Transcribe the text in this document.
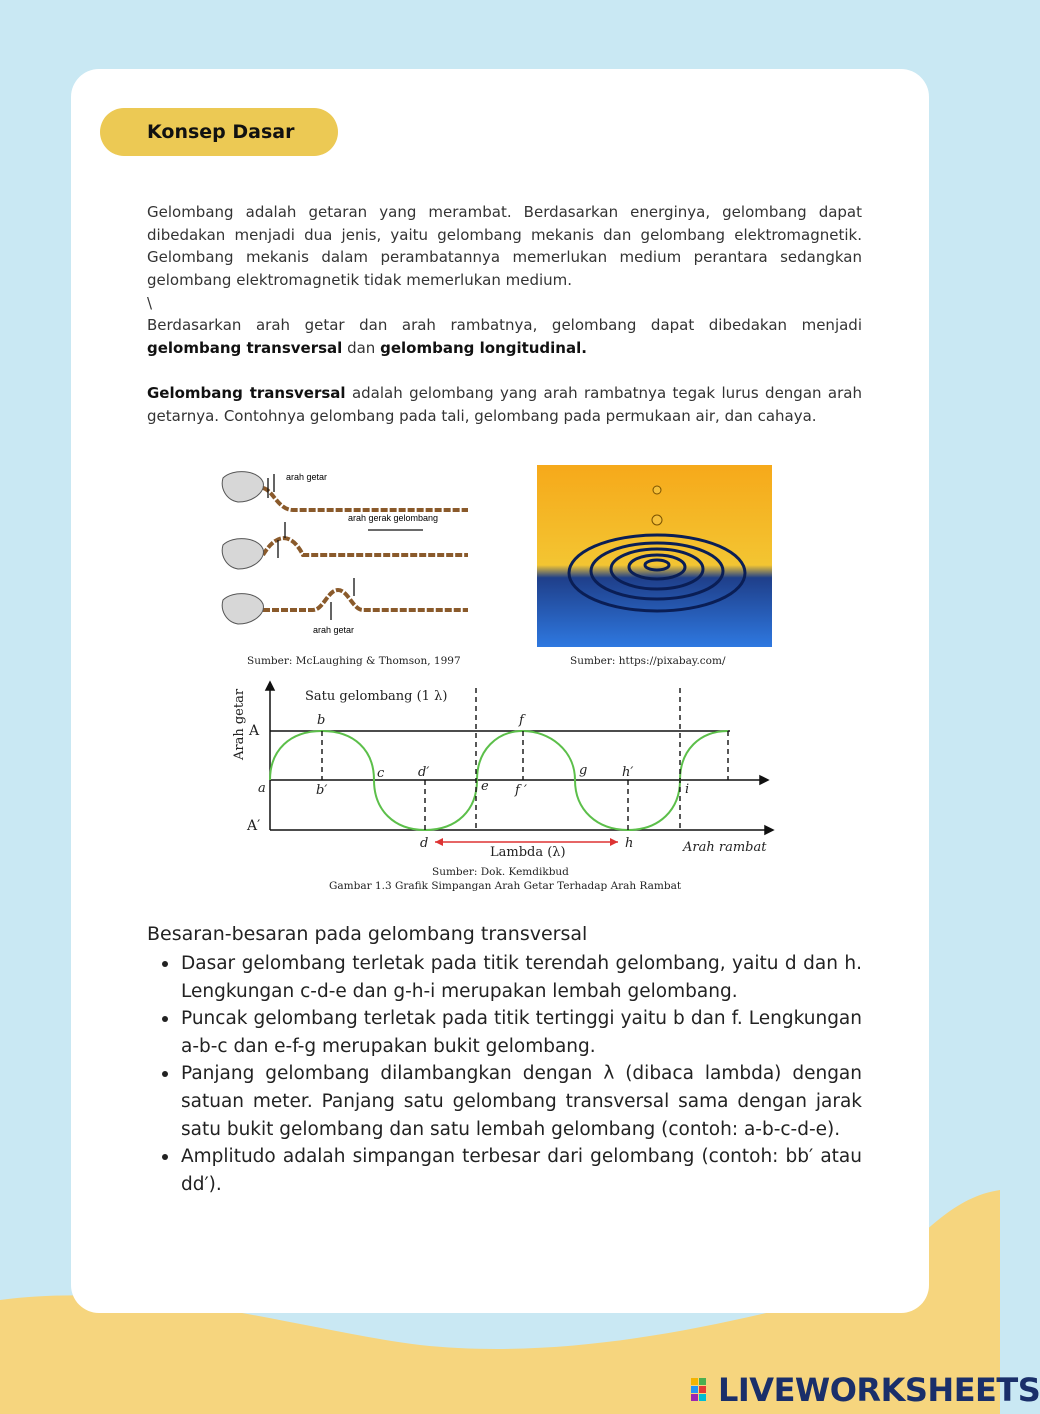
Konsep Dasar
Gelombang adalah getaran yang merambat. Berdasarkan energinya, gelombang dapat dibedakan menjadi dua jenis, yaitu gelombang mekanis dan gelombang elektromagnetik. Gelombang mekanis dalam perambatannya memerlukan medium perantara sedangkan gelombang elektromagnetik tidak memerlukan medium.
\
Berdasarkan arah getar dan arah rambatnya, gelombang dapat dibedakan menjadi gelombang transversal dan gelombang longitudinal.
Gelombang transversal adalah gelombang yang arah rambatnya tegak lurus dengan arah getarnya. Contohnya gelombang pada tali, gelombang pada permukaan air, dan cahaya.
arah getar
arah gerak gelombang
arah getar
Sumber: McLaughing & Thomson, 1997	Sumber: https://pixabay.com/
Arah getar	Satu gelombang (1 λ)
A
a
A′
b
b′
c	d′
d
e
f
f ′
g	h′
h
i
Lambda (λ)	Arah rambat
Sumber: Dok. Kemdikbud
Gambar 1.3 Grafik Simpangan Arah Getar Terhadap Arah Rambat
Besaran-besaran pada gelombang transversal
Dasar gelombang terletak pada titik terendah gelombang, yaitu d dan h. Lengkungan c-d-e dan g-h-i merupakan lembah gelombang.
Puncak gelombang terletak pada titik tertinggi yaitu b dan f. Lengkungan a-b-c dan e-f-g merupakan bukit gelombang.
Panjang gelombang dilambangkan dengan λ (dibaca lambda) dengan satuan meter. Panjang satu gelombang transversal sama dengan jarak satu bukit gelombang dan satu lembah gelombang (contoh: a-b-c-d-e).
Amplitudo adalah simpangan terbesar dari gelombang (contoh: bb′ atau dd′).
LIVEWORKSHEETS
